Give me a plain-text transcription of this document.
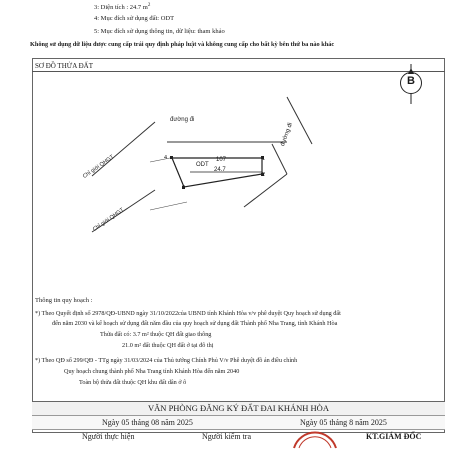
3: Diện tích : 24.7 $m^2$
4: Mục đích sử dụng đất: ODT
5: Mục đích sử dụng thông tin, dữ liệu: tham khảo
Không sử dụng dữ liệu được cung cấp trái quy định pháp luật và không cung cấp cho bất kỳ bên thứ ba nào khác
SƠ ĐỒ THỬA ĐẤT
B
đường đi
đường đi
Chỉ giới QHGT
Chỉ giới QHGT
ODT
107
24.7
1
2
3
4
Thông tin quy hoạch :
*) Theo Quyết định số 2978/QĐ-UBND ngày 31/10/2022của UBND tỉnh Khánh Hòa v/v phê duyệt Quy hoạch sử dụng đất
đến năm 2030 và kế hoạch sử dụng đất năm đầu của quy hoạch sử dụng đất Thành phố Nha Trang, tỉnh Khánh Hòa
Thửa đất có: 3.7 m² thuộc QH đất giao thông
21.0 m² đất thuộc QH đất ở tại đô thị
*) Theo QĐ số 299/QĐ - TTg ngày 31/03/2024 của Thủ tướng Chính Phủ V/v Phê duyệt đồ án điều chỉnh
Quy hoạch chung thành phố Nha Trang tỉnh Khánh Hòa đến năm 2040
Toàn bộ thửa đất thuộc QH khu đất dân ở ô
VĂN PHÒNG ĐĂNG KÝ ĐẤT ĐAI KHÁNH HÒA
Ngày 05 tháng 08 năm 2025	Ngày 05 tháng 8 năm 2025
Người thực hiện	Người kiểm tra	KT.GIÁM ĐỐC
